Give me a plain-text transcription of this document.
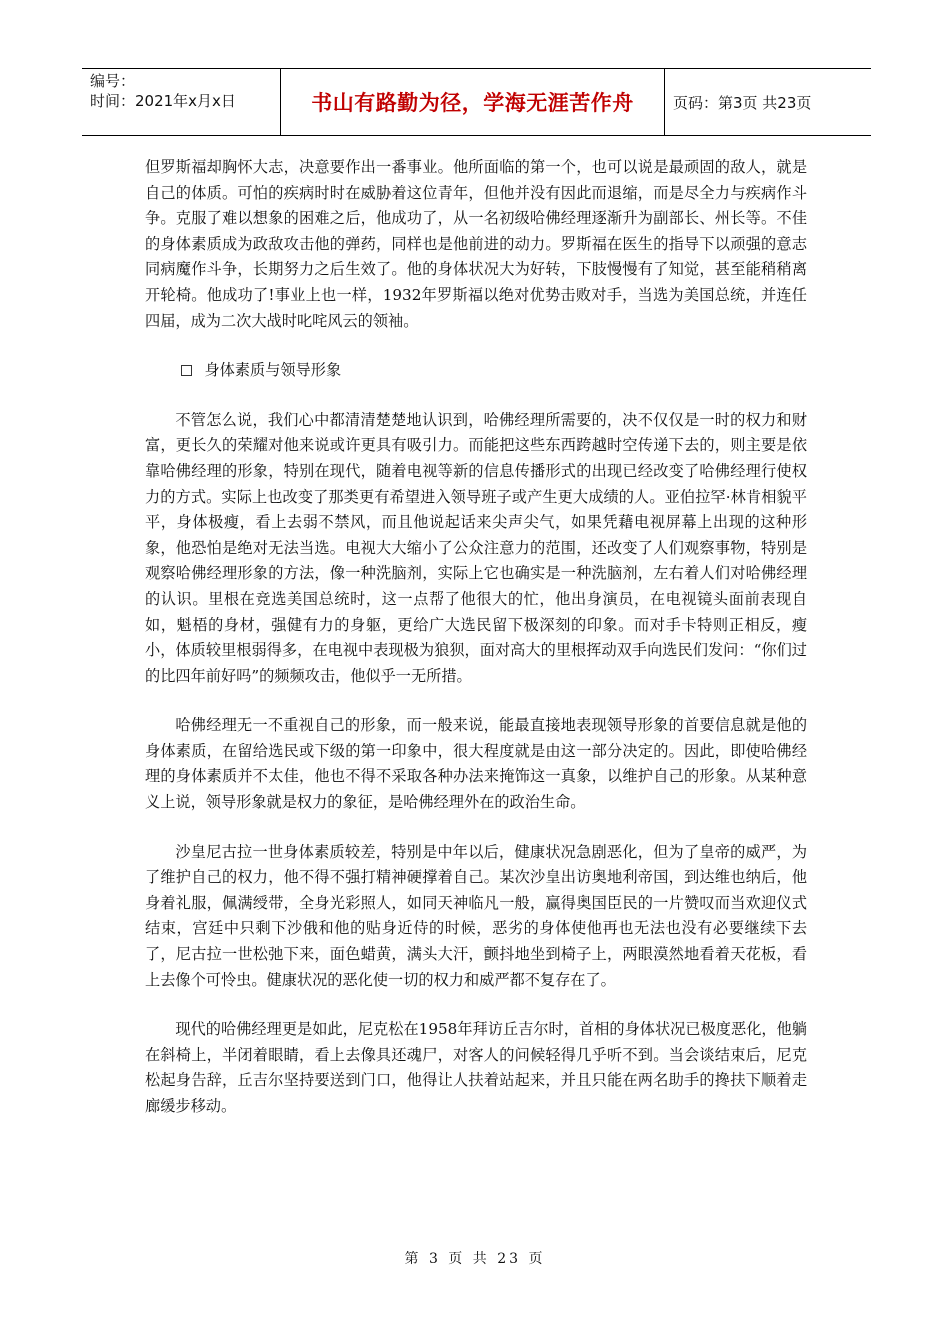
编号：
时间：2021年x月x日	书山有路勤为径，学海无涯苦作舟	页码：第3页 共23页

但罗斯福却胸怀大志，决意要作出一番事业。他所面临的第一个，也可以说是最顽固的敌人，就是自己的体质。可怕的疾病时时在威胁着这位青年，但他并没有因此而退缩，而是尽全力与疾病作斗争。克服了难以想象的困难之后，他成功了，从一名初级哈佛经理逐渐升为副部长、州长等。不佳的身体素质成为政敌攻击他的弹药，同样也是他前进的动力。罗斯福在医生的指导下以顽强的意志同病魔作斗争，长期努力之后生效了。他的身体状况大为好转，下肢慢慢有了知觉，甚至能稍稍离开轮椅。他成功了!事业上也一样，1932年罗斯福以绝对优势击败对手，当选为美国总统，并连任四届，成为二次大战时叱咤风云的领袖。

身体素质与领导形象

不管怎么说，我们心中都清清楚楚地认识到，哈佛经理所需要的，决不仅仅是一时的权力和财富，更长久的荣耀对他来说或许更具有吸引力。而能把这些东西跨越时空传递下去的，则主要是依靠哈佛经理的形象，特别在现代，随着电视等新的信息传播形式的出现已经改变了哈佛经理行使权力的方式。实际上也改变了那类更有希望进入领导班子或产生更大成绩的人。亚伯拉罕·林肯相貌平平，身体极瘦，看上去弱不禁风，而且他说起话来尖声尖气，如果凭藉电视屏幕上出现的这种形象，他恐怕是绝对无法当选。电视大大缩小了公众注意力的范围，还改变了人们观察事物，特别是观察哈佛经理形象的方法，像一种洗脑剂，实际上它也确实是一种洗脑剂，左右着人们对哈佛经理的认识。里根在竞选美国总统时，这一点帮了他很大的忙，他出身演员，在电视镜头面前表现自如，魁梧的身材，强健有力的身躯，更给广大选民留下极深刻的印象。而对手卡特则正相反，瘦小，体质较里根弱得多，在电视中表现极为狼狈，面对高大的里根挥动双手向选民们发问：“你们过的比四年前好吗”的频频攻击，他似乎一无所措。

哈佛经理无一不重视自己的形象，而一般来说，能最直接地表现领导形象的首要信息就是他的身体素质，在留给选民或下级的第一印象中，很大程度就是由这一部分决定的。因此，即使哈佛经理的身体素质并不太佳，他也不得不采取各种办法来掩饰这一真象，以维护自己的形象。从某种意义上说，领导形象就是权力的象征，是哈佛经理外在的政治生命。

沙皇尼古拉一世身体素质较差，特别是中年以后，健康状况急剧恶化，但为了皇帝的威严，为了维护自己的权力，他不得不强打精神硬撑着自己。某次沙皇出访奥地利帝国，到达维也纳后，他身着礼服，佩满绶带，全身光彩照人，如同天神临凡一般，赢得奥国臣民的一片赞叹而当欢迎仪式结束，宫廷中只剩下沙俄和他的贴身近侍的时候，恶劣的身体使他再也无法也没有必要继续下去了，尼古拉一世松弛下来，面色蜡黄，满头大汗，颤抖地坐到椅子上，两眼漠然地看着天花板，看上去像个可怜虫。健康状况的恶化使一切的权力和威严都不复存在了。

现代的哈佛经理更是如此，尼克松在1958年拜访丘吉尔时，首相的身体状况已极度恶化，他躺在斜椅上，半闭着眼睛，看上去像具还魂尸，对客人的问候轻得几乎听不到。当会谈结束后，尼克松起身告辞，丘吉尔坚持要送到门口，他得让人扶着站起来，并且只能在两名助手的搀扶下顺着走廊缓步移动。

第 3 页 共 23 页
